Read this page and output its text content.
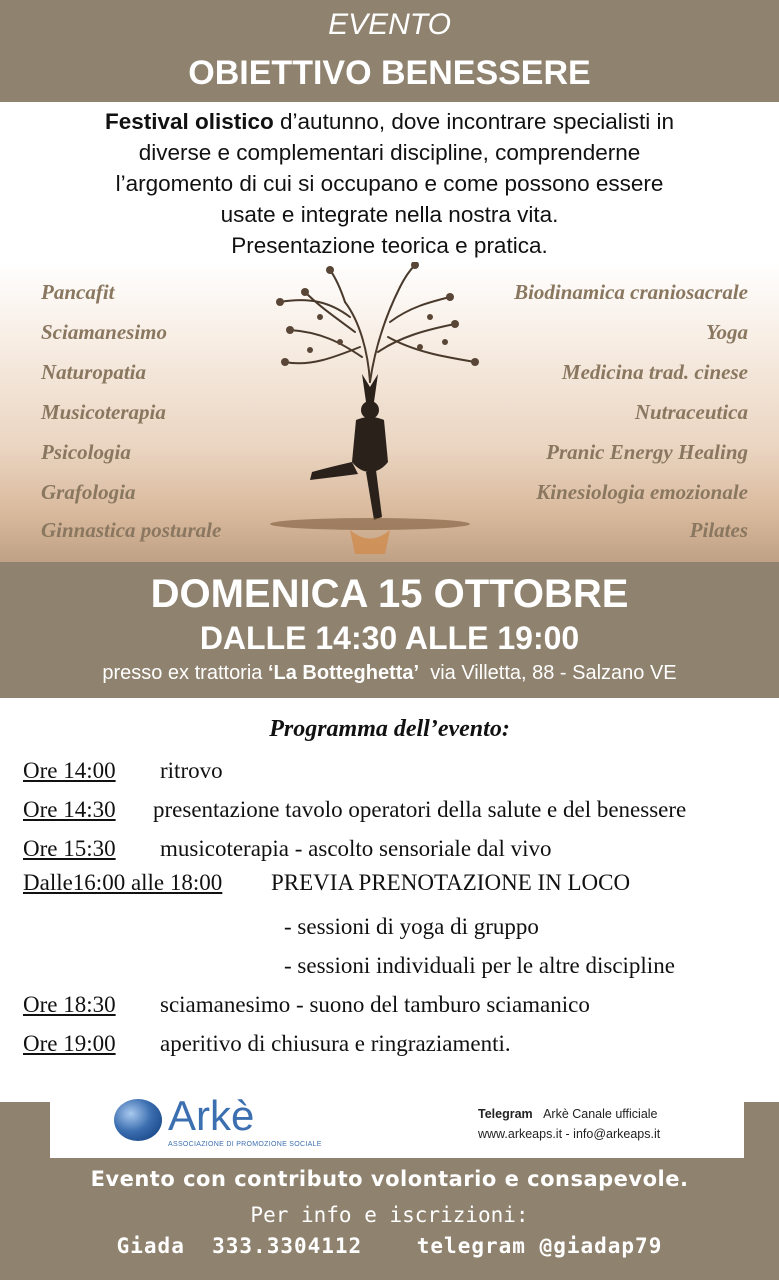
EVENTO
OBIETTIVO BENESSERE
Festival olistico d’autunno, dove incontrare specialisti in
diverse e complementari discipline, comprenderne
l’argomento di cui si occupano e come possono essere
usate e integrate nella nostra vita.
Presentazione teorica e pratica.
Pancafit
Sciamanesimo
Naturopatia
Musicoterapia
Psicologia
Grafologia
Ginnastica posturale
Biodinamica craniosacrale
Yoga
Medicina trad. cinese
Nutraceutica
Pranic Energy Healing
Kinesiologia emozionale
Pilates
DOMENICA 15 OTTOBRE
DALLE 14:30 ALLE 19:00
presso ex trattoria ‘La Botteghetta’  via Villetta, 88 - Salzano VE
Programma dell’evento:
Ore 14:00 ritrovo
Ore 14:30 presentazione tavolo operatori della salute e del benessere
Ore 15:30 musicoterapia - ascolto sensoriale dal vivo
Dalle16:00 alle 18:00 PREVIA PRENOTAZIONE IN LOCO
- sessioni di yoga di gruppo
- sessioni individuali per le altre discipline
Ore 18:30 sciamanesimo - suono del tamburo sciamanico
Ore 19:00 aperitivo di chiusura e ringraziamenti.
Arkè
ASSOCIAZIONE DI PROMOZIONE SOCIALE
Telegram Arkè Canale ufficiale
www.arkeaps.it - info@arkeaps.it
Evento con contributo volontario e consapevole.
Per info e iscrizioni:
Giada  333.3304112    telegram @giadap79
